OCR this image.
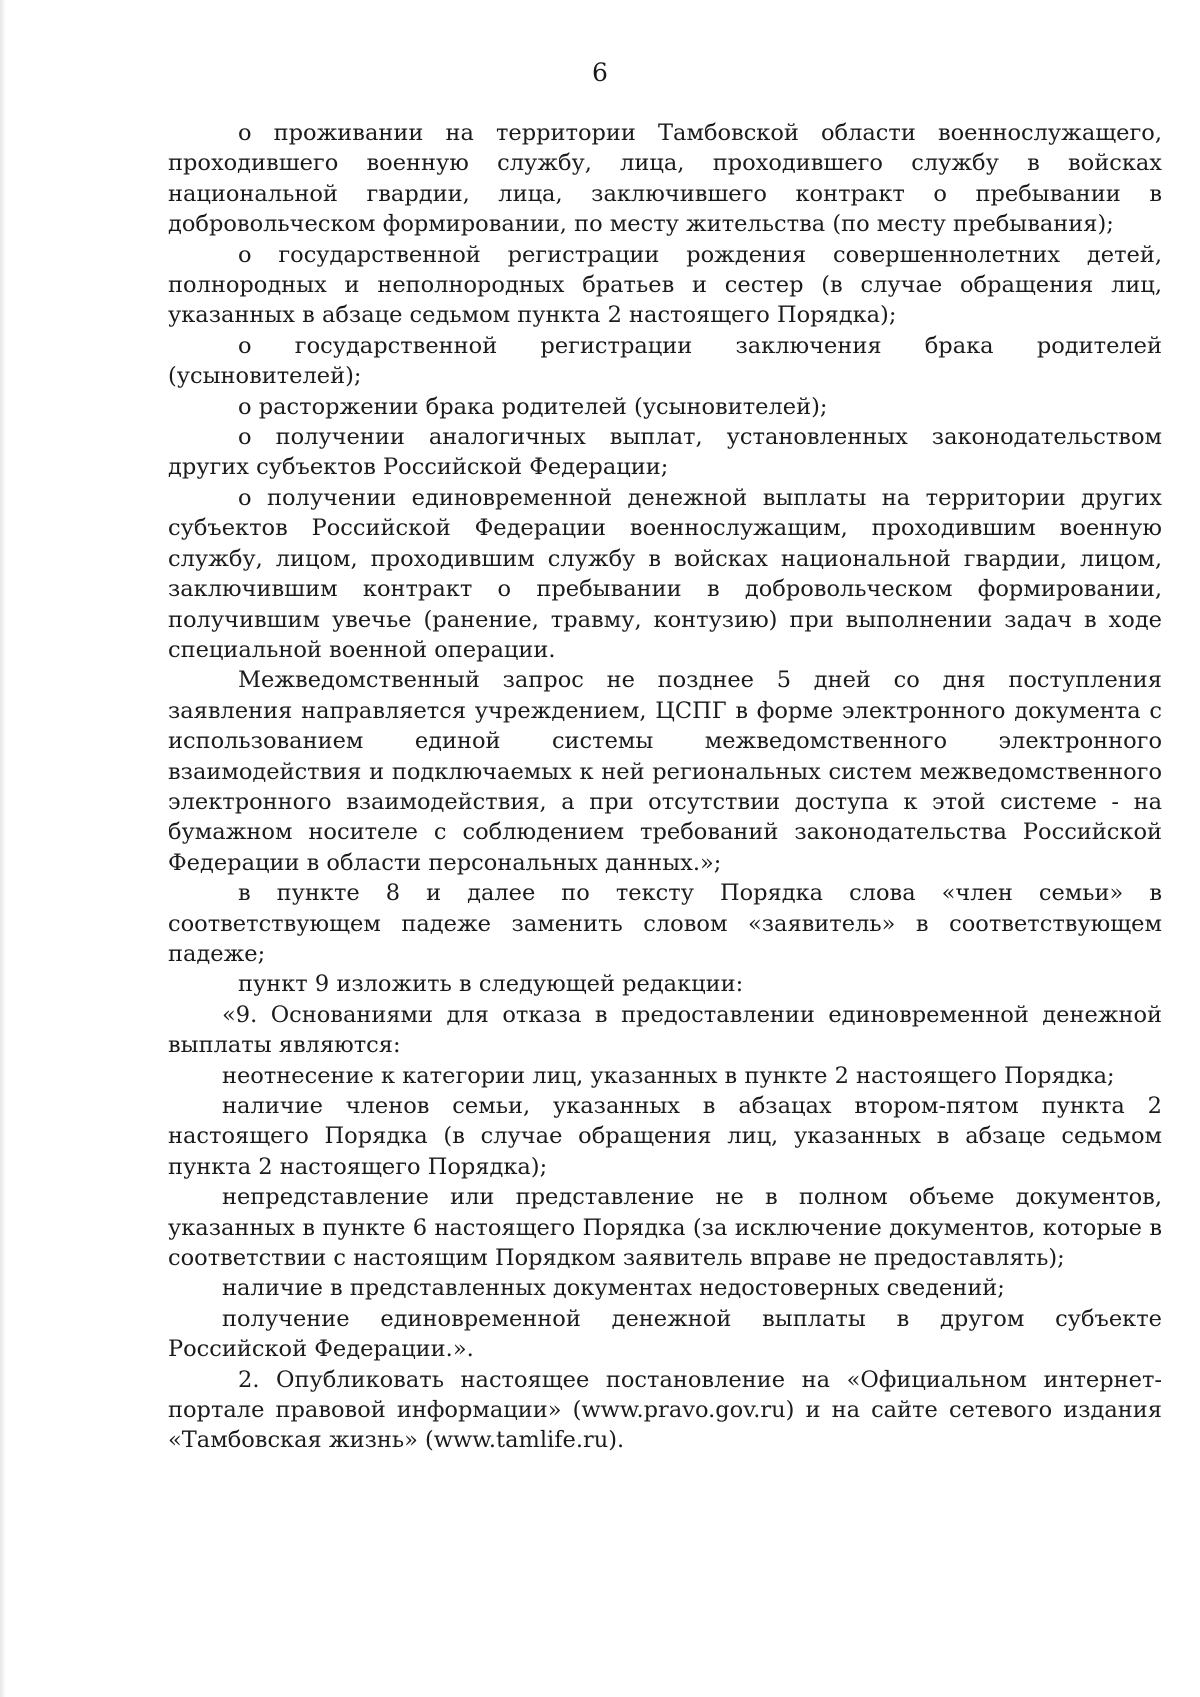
6

о проживании на территории Тамбовской области военнослужащего, проходившего военную службу, лица, проходившего службу в войсках национальной гвардии, лица, заключившего контракт о пребывании в добровольческом формировании, по месту жительства (по месту пребывания);

о государственной регистрации рождения совершеннолетних детей, полнородных и неполнородных братьев и сестер (в случае обращения лиц, указанных в абзаце седьмом пункта 2 настоящего Порядка);

о государственной регистрации заключения брака родителей (усыновителей);

о расторжении брака родителей (усыновителей);

о получении аналогичных выплат, установленных законодательством других субъектов Российской Федерации;

о получении единовременной денежной выплаты на территории других субъектов Российской Федерации военнослужащим, проходившим военную службу, лицом, проходившим службу в войсках национальной гвардии, лицом, заключившим контракт о пребывании в добровольческом формировании, получившим увечье (ранение, травму, контузию) при выполнении задач в ходе специальной военной операции.

Межведомственный запрос не позднее 5 дней со дня поступления заявления направляется учреждением, ЦСПГ в форме электронного документа с использованием единой системы межведомственного электронного взаимодействия и подключаемых к ней региональных систем межведомственного электронного взаимодействия, а при отсутствии доступа к этой системе - на бумажном носителе с соблюдением требований законодательства Российской Федерации в области персональных данных.»;

в пункте 8 и далее по тексту Порядка слова «член семьи» в соответствующем падеже заменить словом «заявитель» в соответствующем падеже;

пункт 9 изложить в следующей редакции:

«9. Основаниями для отказа в предоставлении единовременной денежной выплаты являются:

неотнесение к категории лиц, указанных в пункте 2 настоящего Порядка;

наличие членов семьи, указанных в абзацах втором-пятом пункта 2 настоящего Порядка (в случае обращения лиц, указанных в абзаце седьмом пункта 2 настоящего Порядка);

непредставление или представление не в полном объеме документов, указанных в пункте 6 настоящего Порядка (за исключение документов, которые в соответствии с настоящим Порядком заявитель вправе не предоставлять);

наличие в представленных документах недостоверных сведений;

получение единовременной денежной выплаты в другом субъекте Российской Федерации.».

2. Опубликовать настоящее постановление на «Официальном интернет-портале правовой информации» (www.pravo.gov.ru) и на сайте сетевого издания «Тамбовская жизнь» (www.tamlife.ru).
